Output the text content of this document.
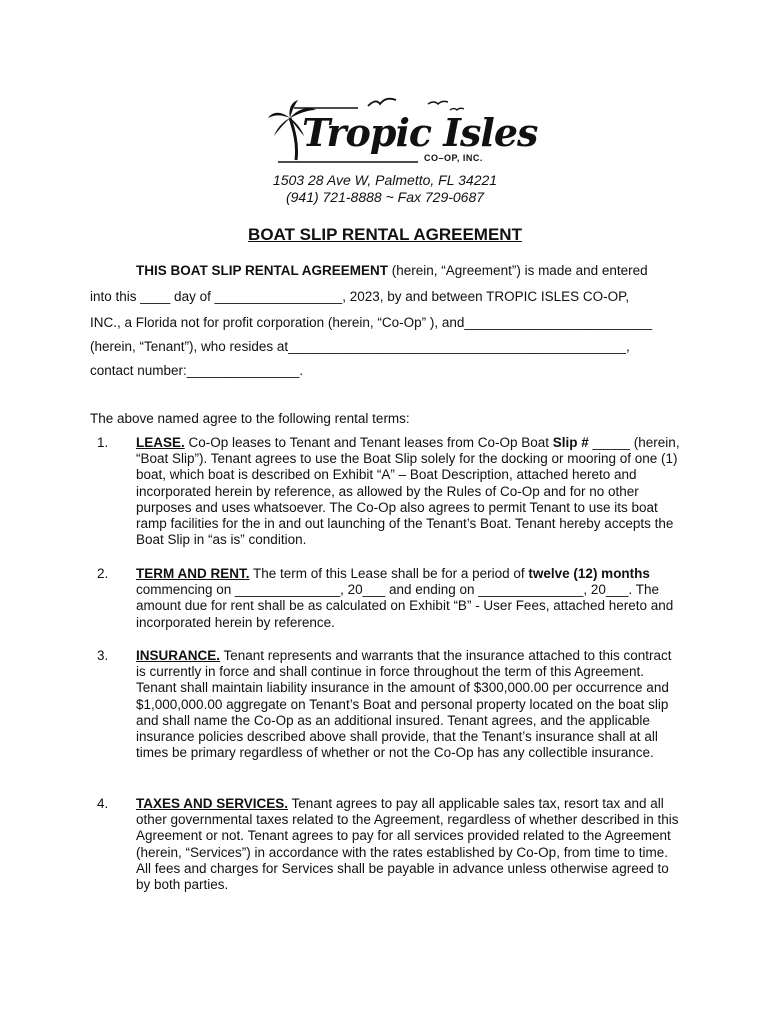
Tropic Isles
CO–OP, INC.
1503 28 Ave W, Palmetto, FL 34221
(941) 721-8888 ~ Fax 729-0687
BOAT SLIP RENTAL AGREEMENT
THIS BOAT SLIP RENTAL AGREEMENT (herein, “Agreement”) is made and entered
into this ____ day of _________________, 2023, by and between TROPIC ISLES CO-OP,
INC., a Florida not for profit corporation (herein, “Co-Op” ), and_________________________
(herein, “Tenant”), who resides at_____________________________________________,
contact number:_______________.
The above named agree to the following rental terms:
1. LEASE. Co-Op leases to Tenant and Tenant leases from Co-Op Boat Slip # _____ (herein, “Boat Slip”). Tenant agrees to use the Boat Slip solely for the docking or mooring of one (1) boat, which boat is described on Exhibit “A” – Boat Description, attached hereto and incorporated herein by reference, as allowed by the Rules of Co-Op and for no other purposes and uses whatsoever. The Co-Op also agrees to permit Tenant to use its boat ramp facilities for the in and out launching of the Tenant’s Boat. Tenant hereby accepts the Boat Slip in “as is” condition.
2. TERM AND RENT. The term of this Lease shall be for a period of twelve (12) months commencing on ______________, 20___ and ending on ______________, 20___. The amount due for rent shall be as calculated on Exhibit “B” - User Fees, attached hereto and incorporated herein by reference.
3. INSURANCE. Tenant represents and warrants that the insurance attached to this contract is currently in force and shall continue in force throughout the term of this Agreement. Tenant shall maintain liability insurance in the amount of $300,000.00 per occurrence and $1,000,000.00 aggregate on Tenant’s Boat and personal property located on the boat slip and shall name the Co-Op as an additional insured. Tenant agrees, and the applicable insurance policies described above shall provide, that the Tenant’s insurance shall at all times be primary regardless of whether or not the Co-Op has any collectible insurance.
4. TAXES AND SERVICES. Tenant agrees to pay all applicable sales tax, resort tax and all other governmental taxes related to the Agreement, regardless of whether described in this Agreement or not. Tenant agrees to pay for all services provided related to the Agreement (herein, “Services”) in accordance with the rates established by Co-Op, from time to time. All fees and charges for Services shall be payable in advance unless otherwise agreed to by both parties.
